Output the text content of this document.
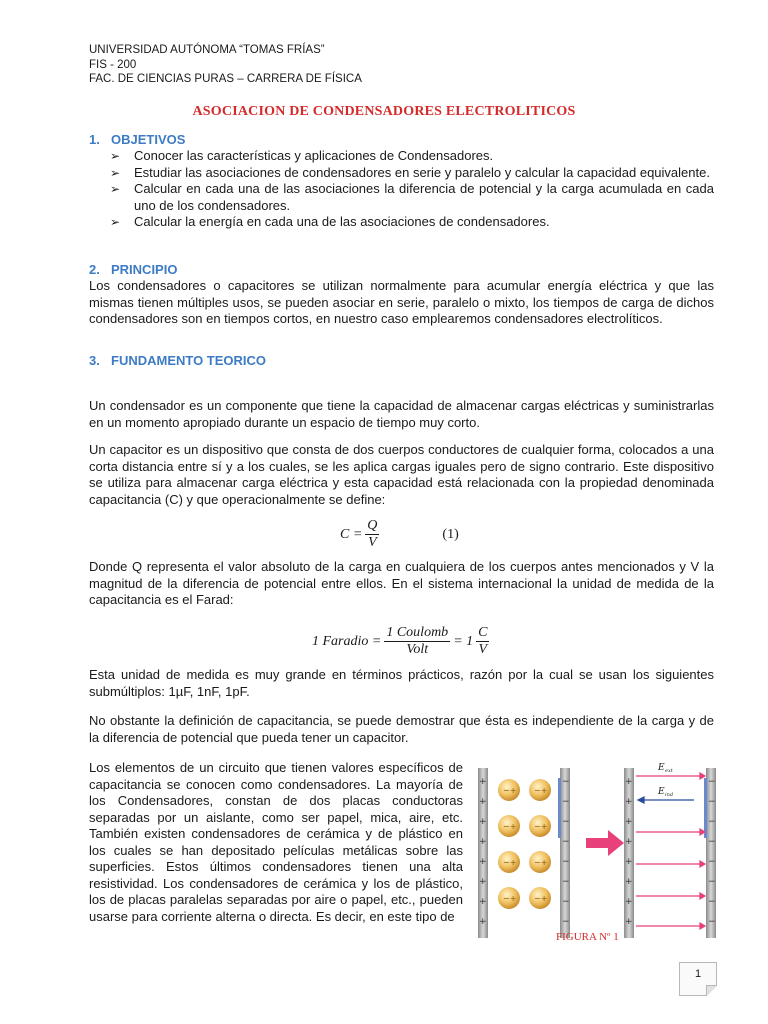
UNIVERSIDAD AUTÓNOMA “TOMAS FRÍAS”
FIS - 200
FAC. DE CIENCIAS PURAS – CARRERA DE FÍSICA
ASOCIACION DE CONDENSADORES ELECTROLITICOS
1. OBJETIVOS
➢ Conocer las características y aplicaciones de Condensadores.
➢ Estudiar las asociaciones de condensadores en serie y paralelo y calcular la capacidad equivalente.
➢ Calcular en cada una de las asociaciones la diferencia de potencial y la carga acumulada en cada uno de los condensadores.
➢ Calcular la energía en cada una de las asociaciones de condensadores.
2. PRINCIPIO
Los condensadores o capacitores se utilizan normalmente para acumular energía eléctrica y que las mismas tienen múltiples usos, se pueden asociar en serie, paralelo o mixto, los tiempos de carga de dichos condensadores son en tiempos cortos, en nuestro caso emplearemos condensadores electrolíticos.
3. FUNDAMENTO TEORICO
Un condensador es un componente que tiene la capacidad de almacenar cargas eléctricas y suministrarlas en un momento apropiado durante un espacio de tiempo muy corto.
Un capacitor es un dispositivo que consta de dos cuerpos conductores de cualquier forma, colocados a una corta distancia entre sí y a los cuales, se les aplica cargas iguales pero de signo contrario. Este dispositivo se utiliza para almacenar carga eléctrica y esta capacidad está relacionada con la propiedad denominada capacitancia (C) y que operacionalmente se define:
$C = \frac{Q}{V}$	(1)
Donde Q representa el valor absoluto de la carga en cualquiera de los cuerpos antes mencionados y V la magnitud de la diferencia de potencial entre ellos. En el sistema internacional la unidad de medida de la capacitancia es el Farad:
1 Faradio = $\frac{\text{1 Coulomb}}{\text{Volt}} = 1 \frac{C}{V}$
Esta unidad de medida es muy grande en términos prácticos, razón por la cual se usan los siguientes submúltiplos: 1µF, 1nF, 1pF.
No obstante la definición de capacitancia, se puede demostrar que ésta es independiente de la carga y de la diferencia de potencial que pueda tener un capacitor.
Los elementos de un circuito que tienen valores específicos de capacitancia se conocen como condensadores. La mayoría de los Condensadores, constan de dos placas conductoras separadas por un aislante, como ser papel, mica, aire, etc. También existen condensadores de cerámica y de plástico en los cuales se han depositado películas metálicas sobre las superficies. Estos últimos condensadores tienen una alta resistividad. Los condensadores de cerámica y los de plástico, los de placas paralelas separadas por aire o papel, etc., pueden usarse para corriente alterna o directa. Es decir, en este tipo de
+
+
+
+
+
+
+
+
−
−
−
−
−
−
−
−
−+ −+
−+ −+
−+ −+
−+ −+
+
+
+
+
+
+
+
+
−
−
−
−
−
−
−
−
E ext
E ind
FIGURA Nº 1
1
